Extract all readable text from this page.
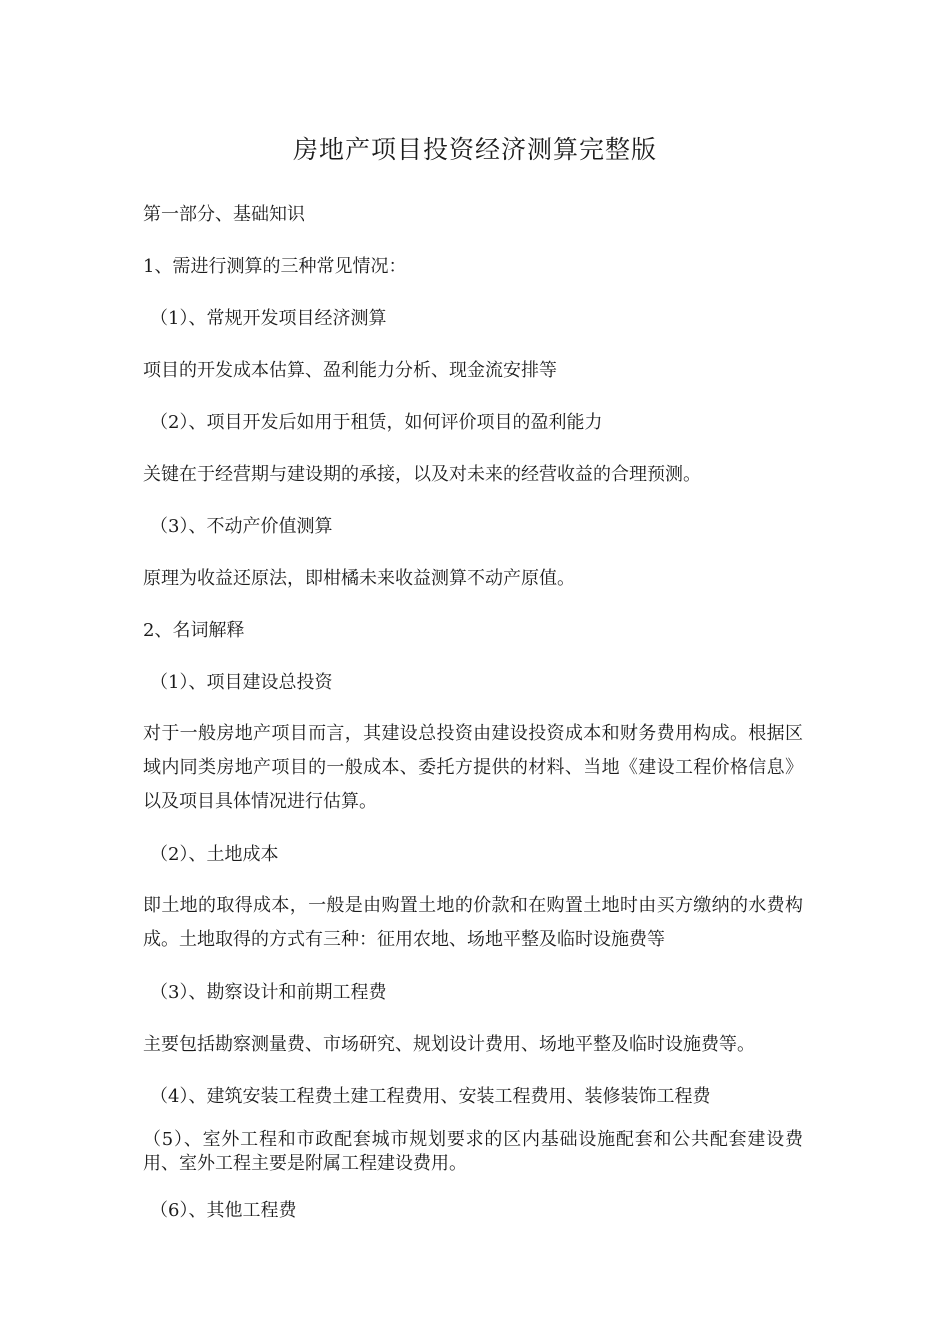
房地产项目投资经济测算完整版

第一部分、基础知识

1、需进行测算的三种常见情况：

（1）、常规开发项目经济测算

项目的开发成本估算、盈利能力分析、现金流安排等

（2）、项目开发后如用于租赁，如何评价项目的盈利能力

关键在于经营期与建设期的承接，以及对未来的经营收益的合理预测。

（3）、不动产价值测算

原理为收益还原法，即柑橘未来收益测算不动产原值。

2、名词解释

（1）、项目建设总投资

对于一般房地产项目而言，其建设总投资由建设投资成本和财务费用构成。根据区域内同类房地产项目的一般成本、委托方提供的材料、当地《建设工程价格信息》以及项目具体情况进行估算。

（2）、土地成本

即土地的取得成本，一般是由购置土地的价款和在购置土地时由买方缴纳的水费构成。土地取得的方式有三种：征用农地、场地平整及临时设施费等

（3）、勘察设计和前期工程费

主要包括勘察测量费、市场研究、规划设计费用、场地平整及临时设施费等。

（4）、建筑安装工程费土建工程费用、安装工程费用、装修装饰工程费

（5）、室外工程和市政配套城市规划要求的区内基础设施配套和公共配套建设费用、室外工程主要是附属工程建设费用。

（6）、其他工程费
